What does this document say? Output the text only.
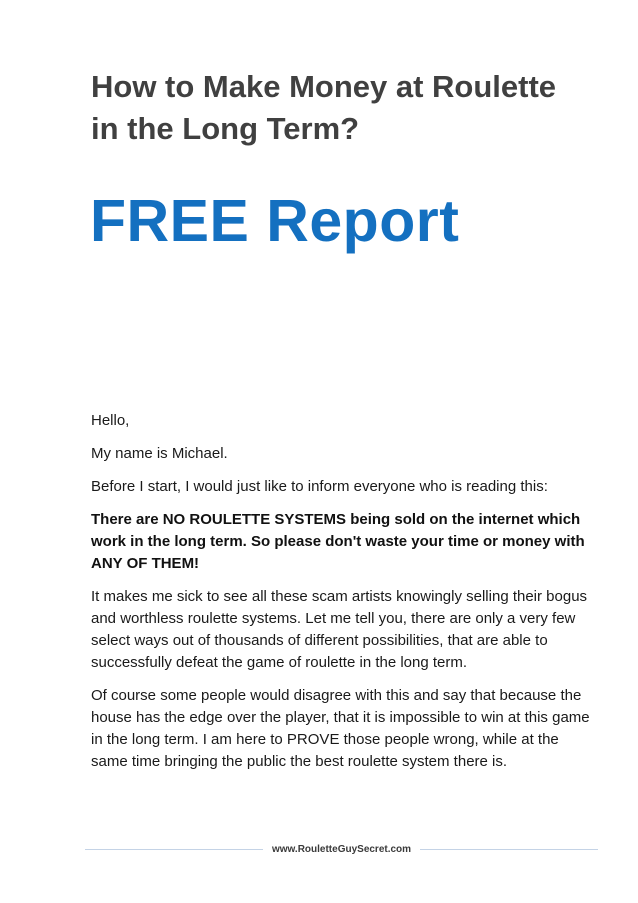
How to Make Money at Roulette in the Long Term?
FREE Report

Hello,

My name is Michael.

Before I start, I would just like to inform everyone who is reading this:

There are NO ROULETTE SYSTEMS being sold on the internet which work in the long term. So please don't waste your time or money with ANY OF THEM!

It makes me sick to see all these scam artists knowingly selling their bogus and worthless roulette systems. Let me tell you, there are only a very few select ways out of thousands of different possibilities, that are able to successfully defeat the game of roulette in the long term.

Of course some people would disagree with this and say that because the house has the edge over the player, that it is impossible to win at this game in the long term. I am here to PROVE those people wrong, while at the same time bringing the public the best roulette system there is.

www.RouletteGuySecret.com
